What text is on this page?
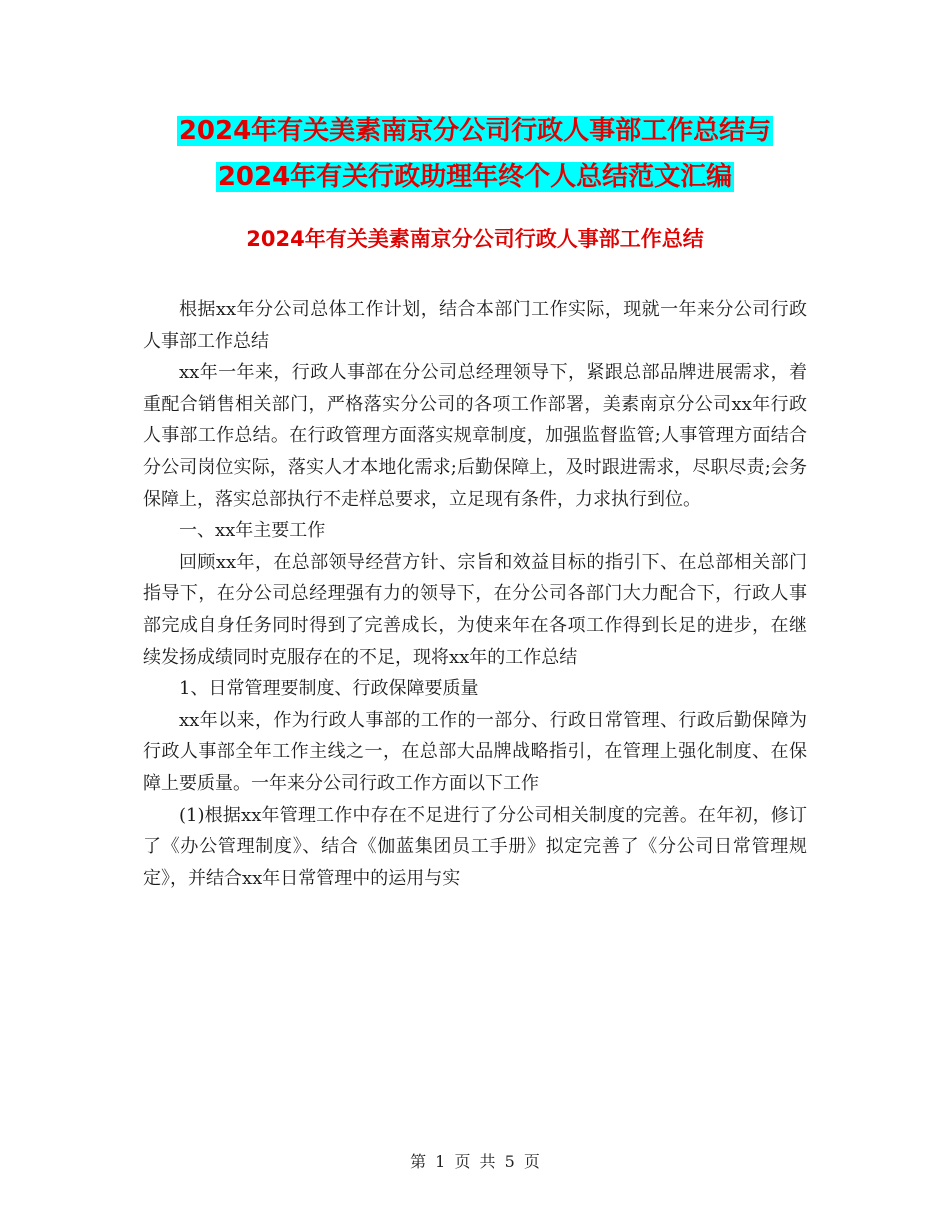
2024年有关美素南京分公司行政人事部工作总结与
2024年有关行政助理年终个人总结范文汇编
2024年有关美素南京分公司行政人事部工作总结

根据xx年分公司总体工作计划，结合本部门工作实际，现就一年来分公司行政人事部工作总结

xx年一年来，行政人事部在分公司总经理领导下，紧跟总部品牌进展需求，着重配合销售相关部门，严格落实分公司的各项工作部署，美素南京分公司xx年行政人事部工作总结。在行政管理方面落实规章制度，加强监督监管;人事管理方面结合分公司岗位实际，落实人才本地化需求;后勤保障上，及时跟进需求，尽职尽责;会务保障上，落实总部执行不走样总要求，立足现有条件，力求执行到位。

一、xx年主要工作

回顾xx年，在总部领导经营方针、宗旨和效益目标的指引下、在总部相关部门指导下，在分公司总经理强有力的领导下，在分公司各部门大力配合下，行政人事部完成自身任务同时得到了完善成长，为使来年在各项工作得到长足的进步，在继续发扬成绩同时克服存在的不足，现将xx年的工作总结

1、日常管理要制度、行政保障要质量

xx年以来，作为行政人事部的工作的一部分、行政日常管理、行政后勤保障为行政人事部全年工作主线之一，在总部大品牌战略指引，在管理上强化制度、在保障上要质量。一年来分公司行政工作方面以下工作

(1)根据xx年管理工作中存在不足进行了分公司相关制度的完善。在年初，修订了《办公管理制度》、结合《伽蓝集团员工手册》拟定完善了《分公司日常管理规定》，并结合xx年日常管理中的运用与实

第 1 页 共 5 页
